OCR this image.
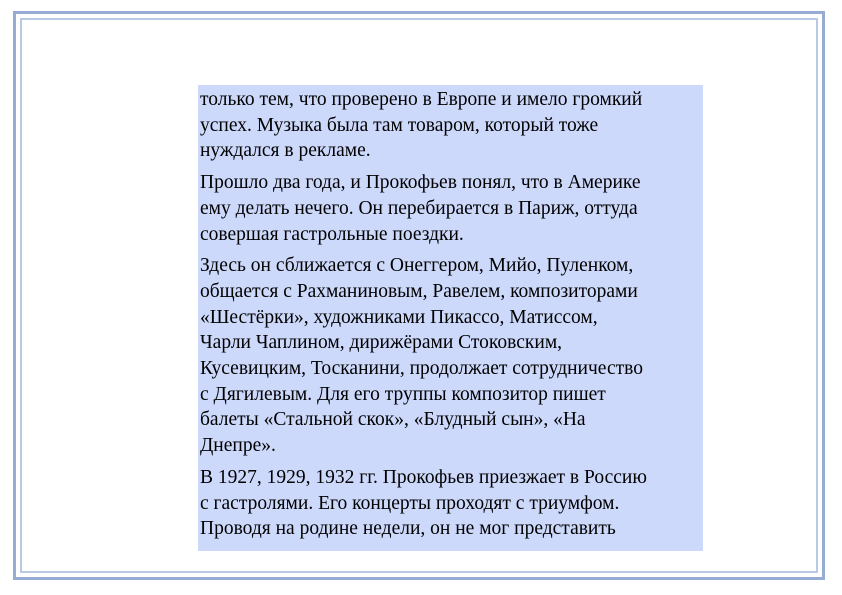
только тем, что проверено в Европе и имело громкий
успех. Музыка была там товаром, который тоже
нуждался в рекламе.

Прошло два года, и Прокофьев понял, что в Америке
ему делать нечего. Он перебирается в Париж, оттуда
совершая гастрольные поездки.

Здесь он сближается с Онеггером, Мийо, Пуленком,
общается с Рахманиновым, Равелем, композиторами
«Шестёрки», художниками Пикассо, Матиссом,
Чарли Чаплином, дирижёрами Стоковским,
Кусевицким, Тосканини, продолжает сотрудничество
с Дягилевым. Для его труппы композитор пишет
балеты «Стальной скок», «Блудный сын», «На
Днепре».

В 1927, 1929, 1932 гг. Прокофьев приезжает в Россию
с гастролями. Его концерты проходят с триумфом.
Проводя на родине недели, он не мог представить
